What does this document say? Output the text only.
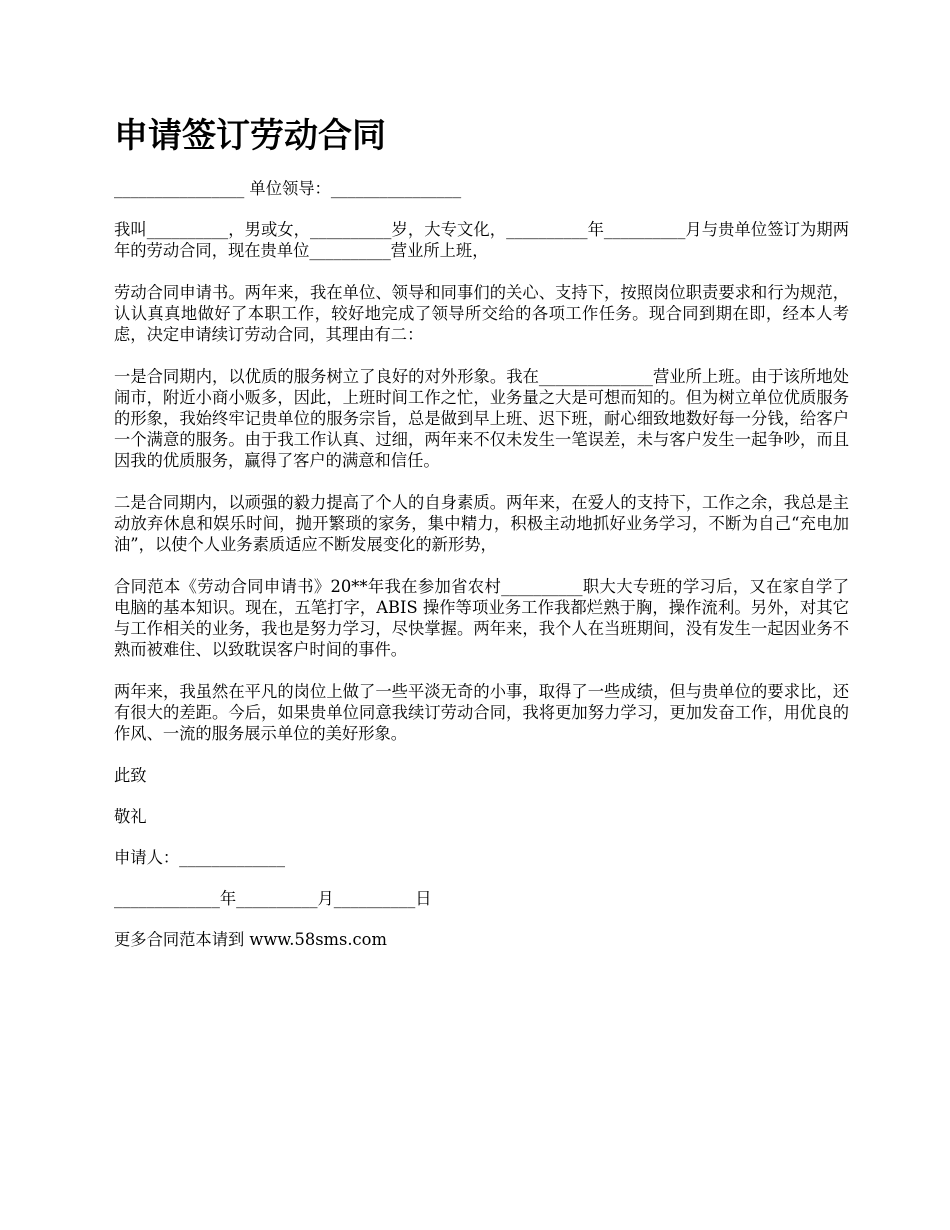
申请签订劳动合同

________________ 单位领导：________________

我叫__________，男或女，__________岁，大专文化，__________年__________月与贵单位签订为期两年的劳动合同，现在贵单位__________营业所上班，

劳动合同申请书。两年来，我在单位、领导和同事们的关心、支持下，按照岗位职责要求和行为规范，认认真真地做好了本职工作，较好地完成了领导所交给的各项工作任务。现合同到期在即，经本人考虑，决定申请续订劳动合同，其理由有二：

一是合同期内，以优质的服务树立了良好的对外形象。我在______________营业所上班。由于该所地处闹市，附近小商小贩多，因此，上班时间工作之忙，业务量之大是可想而知的。但为树立单位优质服务的形象，我始终牢记贵单位的服务宗旨，总是做到早上班、迟下班，耐心细致地数好每一分钱，给客户一个满意的服务。由于我工作认真、过细，两年来不仅未发生一笔误差，未与客户发生一起争吵，而且因我的优质服务，赢得了客户的满意和信任。

二是合同期内，以顽强的毅力提高了个人的自身素质。两年来，在爱人的支持下，工作之余，我总是主动放弃休息和娱乐时间，抛开繁琐的家务，集中精力，积极主动地抓好业务学习，不断为自己“充电加油”，以使个人业务素质适应不断发展变化的新形势，

合同范本《劳动合同申请书》20**年我在参加省农村__________职大大专班的学习后，又在家自学了电脑的基本知识。现在，五笔打字，ABIS 操作等项业务工作我都烂熟于胸，操作流利。另外，对其它与工作相关的业务，我也是努力学习，尽快掌握。两年来，我个人在当班期间，没有发生一起因业务不熟而被难住、以致耽误客户时间的事件。

两年来，我虽然在平凡的岗位上做了一些平淡无奇的小事，取得了一些成绩，但与贵单位的要求比，还有很大的差距。今后，如果贵单位同意我续订劳动合同，我将更加努力学习，更加发奋工作，用优良的作风、一流的服务展示单位的美好形象。

此致

敬礼

申请人：_____________

_____________年__________月__________日

更多合同范本请到 www.58sms.com
